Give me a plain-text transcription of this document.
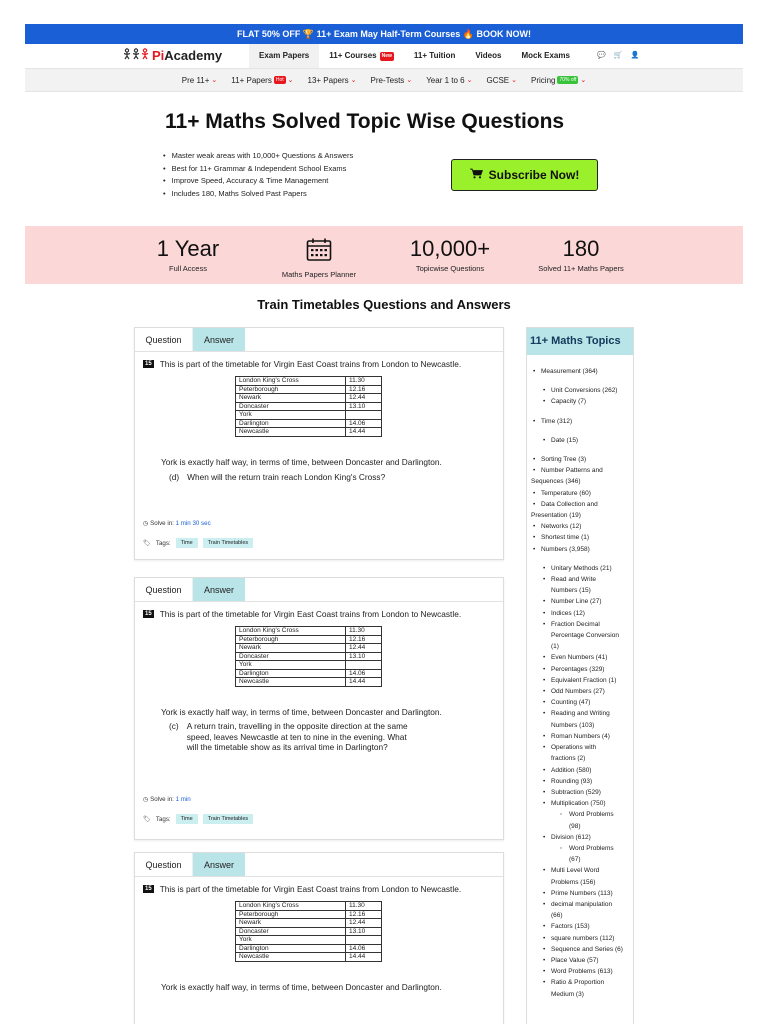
FLAT 50% OFF 🏆 11+ Exam May Half-Term Courses 🔥 BOOK NOW!
Pi Academy	Exam Papers	11+ Courses	New	11+ Tuition	Videos	Mock Exams	💬 🛒 👤
Pre 11+ ⌄ 11+ Papers Hot ⌄ 13+ Papers ⌄ Pre-Tests ⌄ Year 1 to 6 ⌄ GCSE ⌄ Pricing 70% off ⌄
11+ Maths Solved Topic Wise Questions
• Master weak areas with 10,000+ Questions & Answers
• Best for 11+ Grammar & Independent School Exams
• Improve Speed, Accuracy & Time Management
• Includes 180, Maths Solved Past Papers
Subscribe Now!
1 Year
Full Access
Maths Papers Planner
10,000+
Topicwise Questions
180
Solved 11+ Maths Papers
Train Timetables Questions and Answers
Question	Answer
15 This is part of the timetable for Virgin East Coast trains from London to Newcastle.
London King's Cross	11.30
Peterborough	12.16
Newark	12.44
Doncaster	13.10
York	
Darlington	14.06
Newcastle	14.44
York is exactly half way, in terms of time, between Doncaster and Darlington.
(d) When will the return train reach London King's Cross?
◷ Solve in: 1 min 30 sec
🏷 Tags:	Time	Train Timetables
Question	Answer
15 This is part of the timetable for Virgin East Coast trains from London to Newcastle.
London King's Cross	11.30
Peterborough	12.16
Newark	12.44
Doncaster	13.10
York	
Darlington	14.06
Newcastle	14.44
York is exactly half way, in terms of time, between Doncaster and Darlington.
(c) A return train, travelling in the opposite direction at the same
speed, leaves Newcastle at ten to nine in the evening. What
will the timetable show as its arrival time in Darlington?
◷ Solve in: 1 min
🏷 Tags:	Time	Train Timetables
Question	Answer
15 This is part of the timetable for Virgin East Coast trains from London to Newcastle.
London King's Cross	11.30
Peterborough	12.16
Newark	12.44
Doncaster	13.10
York	
Darlington	14.06
Newcastle	14.44
York is exactly half way, in terms of time, between Doncaster and Darlington.
11+ Maths Topics
• Measurement (364)
• Unit Conversions (262)
• Capacity (7)
• Time (312)
• Date (15)
• Sorting Tree (3)
• Number Patterns and
Sequences (346)
• Temperature (60)
• Data Collection and
Presentation (19)
• Networks (12)
• Shortest time (1)
• Numbers (3,958)
• Unitary Methods (21)
• Read and Write
Numbers (15)
• Number Line (27)
• Indices (12)
• Fraction Decimal
Percentage Conversion
(1)
• Even Numbers (41)
• Percentages (329)
• Equivalent Fraction (1)
• Odd Numbers (27)
• Counting (47)
• Reading and Writing
Numbers (103)
• Roman Numbers (4)
• Operations with
fractions (2)
• Addition (580)
• Rounding (93)
• Subtraction (529)
• Multiplication (750)
◦ Word Problems
(98)
• Division (612)
◦ Word Problems
(67)
• Multi Level Word
Problems (156)
• Prime Numbers (113)
• decimal manipulation
(66)
• Factors (153)
• square numbers (112)
• Sequence and Series (6)
• Place Value (57)
• Word Problems (613)
• Ratio & Proportion
Medium (3)
